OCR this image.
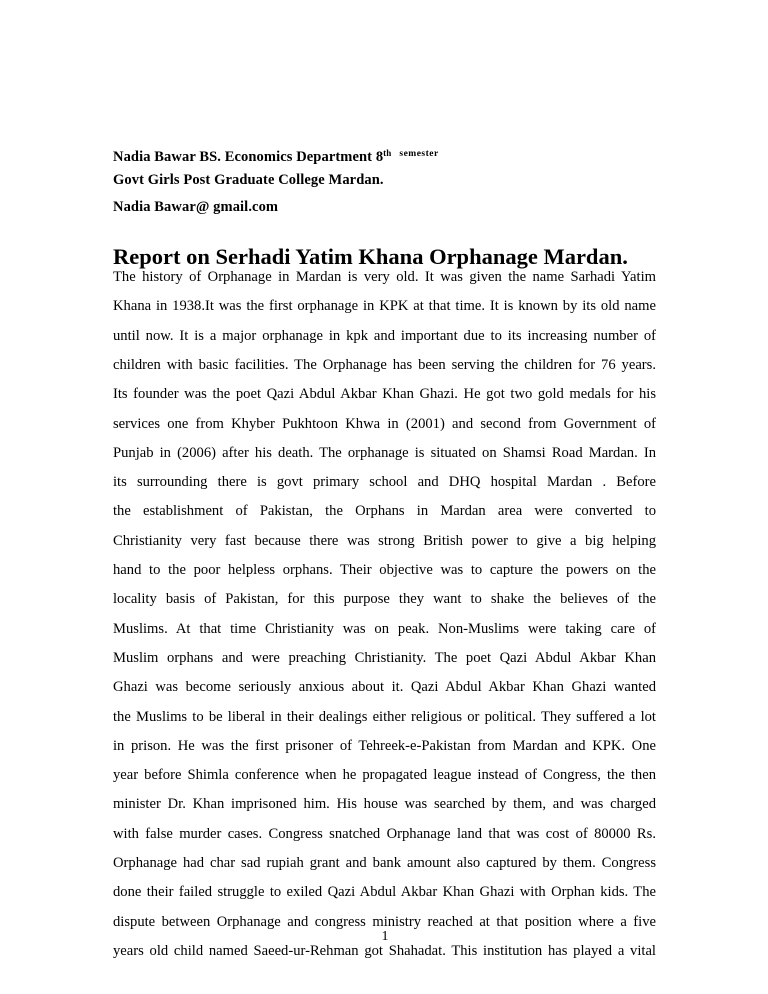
Nadia Bawar BS. Economics Department 8th $^{semester}$
Govt Girls Post Graduate College Mardan.
Nadia Bawar@ gmail.com
Report on Serhadi Yatim Khana Orphanage Mardan.
The history of Orphanage in Mardan is very old. It was given the name Sarhadi Yatim
Khana in 1938.It was the first orphanage in KPK at that time. It is known by its old name
until now. It is a major orphanage in kpk and important due to its increasing number of
children with basic facilities. The Orphanage has been serving the children for 76 years.
Its founder was the poet Qazi Abdul Akbar Khan Ghazi. He got two gold medals for his
services one from Khyber Pukhtoon Khwa in (2001) and second from Government of
Punjab in (2006) after his death. The orphanage is situated on Shamsi Road Mardan. In
its surrounding there is govt primary school and DHQ hospital Mardan . Before
the establishment of Pakistan, the Orphans in Mardan area were converted to
Christianity very fast because there was strong British power to give a big helping
hand to the poor helpless orphans. Their objective was to capture the powers on the
locality basis of Pakistan, for this purpose they want to shake the believes of the
Muslims. At that time Christianity was on peak. Non-Muslims were taking care of
Muslim orphans and were preaching Christianity. The poet Qazi Abdul Akbar Khan
Ghazi was become seriously anxious about it. Qazi Abdul Akbar Khan Ghazi wanted
the Muslims to be liberal in their dealings either religious or political. They suffered a lot
in prison. He was the first prisoner of Tehreek-e-Pakistan from Mardan and KPK. One
year before Shimla conference when he propagated league instead of Congress, the then
minister Dr. Khan imprisoned him. His house was searched by them, and was charged
with false murder cases. Congress snatched Orphanage land that was cost of 80000 Rs.
Orphanage had char sad rupiah grant and bank amount also captured by them. Congress
done their failed struggle to exiled Qazi Abdul Akbar Khan Ghazi with Orphan kids. The
dispute between Orphanage and congress ministry reached at that position where a five
years old child named Saeed-ur-Rehman got Shahadat. This institution has played a vital
1
